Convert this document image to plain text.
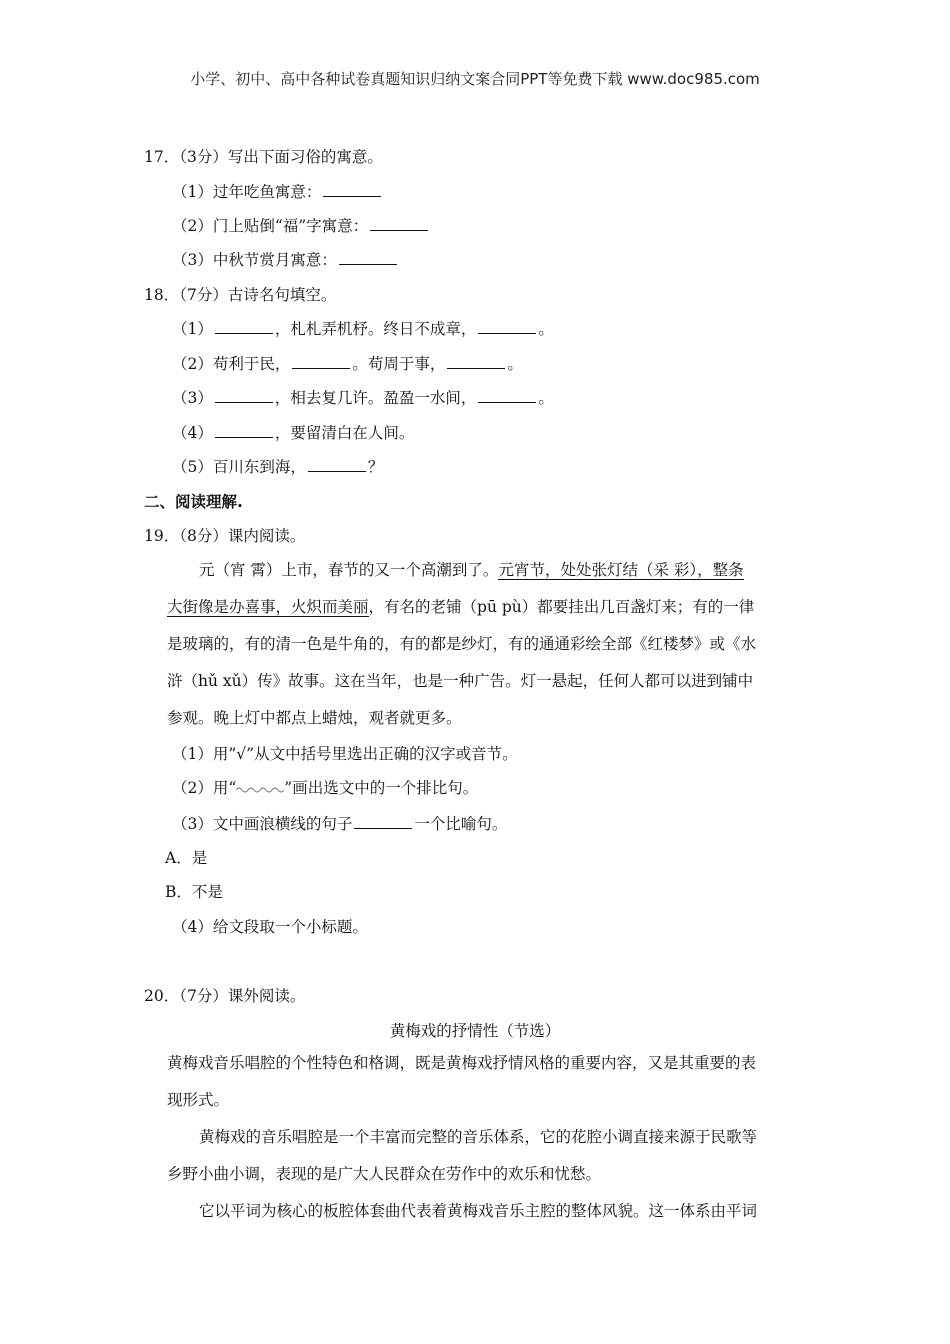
小学、初中、高中各种试卷真题知识归纳文案合同PPT等免费下载 www.doc985.com
17．（3分）写出下面习俗的寓意。
（1）过年吃鱼寓意：
（2）门上贴倒“福”字寓意：
（3）中秋节赏月寓意：
18．（7分）古诗名句填空。
（1）	，札札弄机杼。终日不成章，	。
（2）苟利于民，	。苟周于事，	。
（3）	，相去复几许。盈盈一水间，	。
（4）	，要留清白在人间。
（5）百川东到海，	？
二、阅读理解.
19．（8分）课内阅读。
元（宵 霄）上市，春节的又一个高潮到了。元宵节，处处张灯结（采 彩），整条
大街像是办喜事，火炽而美丽，有名的老铺（pū pù）都要挂出几百盏灯来；有的一律
是玻璃的，有的清一色是牛角的，有的都是纱灯，有的通通彩绘全部《红楼梦》或《水
浒（hǔ xǔ）传》故事。这在当年，也是一种广告。灯一悬起，任何人都可以进到铺中
参观。晚上灯中都点上蜡烛，观者就更多。
（1）用”√”从文中括号里选出正确的汉字或音节。
（2）用“	”画出选文中的一个排比句。
（3）文中画浪横线的句子	一个比喻句。
A．是
B．不是
（4）给文段取一个小标题。
20．（7分）课外阅读。
黄梅戏的抒情性（节选）
黄梅戏音乐唱腔的个性特色和格调，既是黄梅戏抒情风格的重要内容，又是其重要的表
现形式。
黄梅戏的音乐唱腔是一个丰富而完整的音乐体系，它的花腔小调直接来源于民歌等
乡野小曲小调，表现的是广大人民群众在劳作中的欢乐和忧愁。
它以平词为核心的板腔体套曲代表着黄梅戏音乐主腔的整体风貌。这一体系由平词
